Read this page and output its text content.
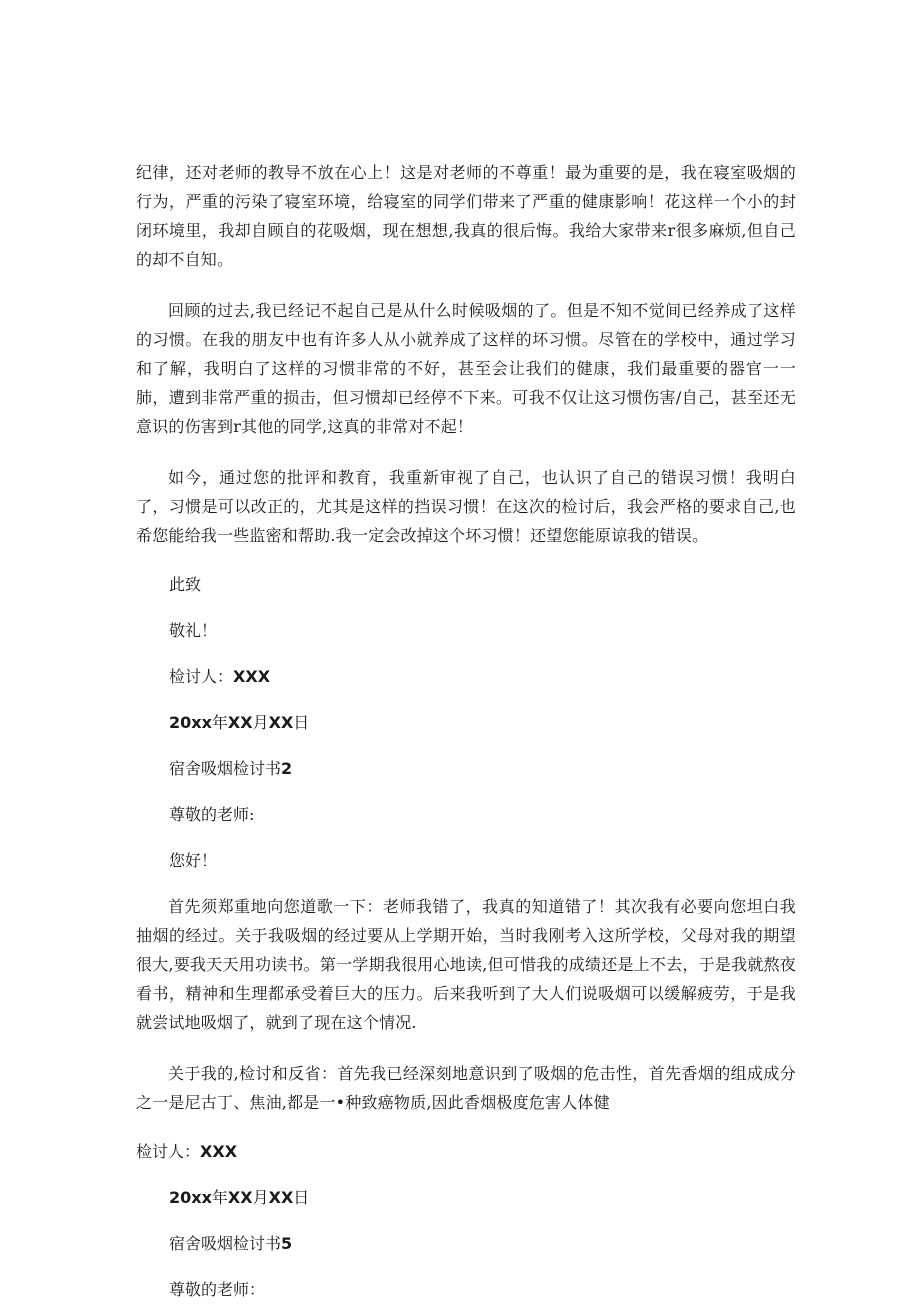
纪律，还对老师的教导不放在心上！这是对老师的不尊重！最为重要的是，我在寝室吸烟的行为，严重的污染了寝室环境，给寝室的同学们带来了严重的健康影响！花这样一个小的封闭环境里，我却自顾自的花吸烟，现在想想,我真的很后悔。我给大家带来r很多麻烦,但自己的却不自知。

回顾的过去,我已经记不起自己是从什么时候吸烟的了。但是不知不觉间已经养成了这样的习惯。在我的朋友中也有许多人从小就养成了这样的坏习惯。尽管在的学校中，通过学习和了解，我明白了这样的习惯非常的不好，甚至会让我们的健康，我们最重要的器官一一肺，遭到非常严重的损击，但习惯却已经停不下来。可我不仅让这习惯伤害/自己，甚至还无意识的伤害到r其他的同学,这真的非常对不起！

如今，通过您的批评和教育，我重新审视了自己，也认识了自己的错误习惯！我明白了，习惯是可以改正的，尤其是这样的挡误习惯！在这次的检讨后，我会严格的要求自己,也希您能给我一些监密和帮助.我一定会改掉这个坏习惯！还望您能原谅我的错误。

此致

敬礼！

检讨人：XXX

20xx年XX月XX日

宿舍吸烟检讨书2

尊敬的老师:

您好！

首先须郑重地向您道歌一下：老师我错了，我真的知道错了！其次我有必要向您坦白我抽烟的经过。关于我吸烟的经过要从上学期开始，当时我刚考入这所学校，父母对我的期望很大,要我天天用功读书。第一学期我很用心地读,但可惜我的成绩还是上不去，于是我就熬夜看书，精神和生理都承受着巨大的压力。后来我听到了大人们说吸烟可以缓解疲劳，于是我就尝试地吸烟了，就到了现在这个情况.

关于我的,检讨和反省：首先我已经深刻地意识到了吸烟的危击性，首先香烟的组成成分之一是尼古丁、焦油,都是一•种致癌物质,因此香烟极度危害人体健

检讨人：XXX

20xx年XX月XX日

宿舍吸烟检讨书5

尊敬的老师：
